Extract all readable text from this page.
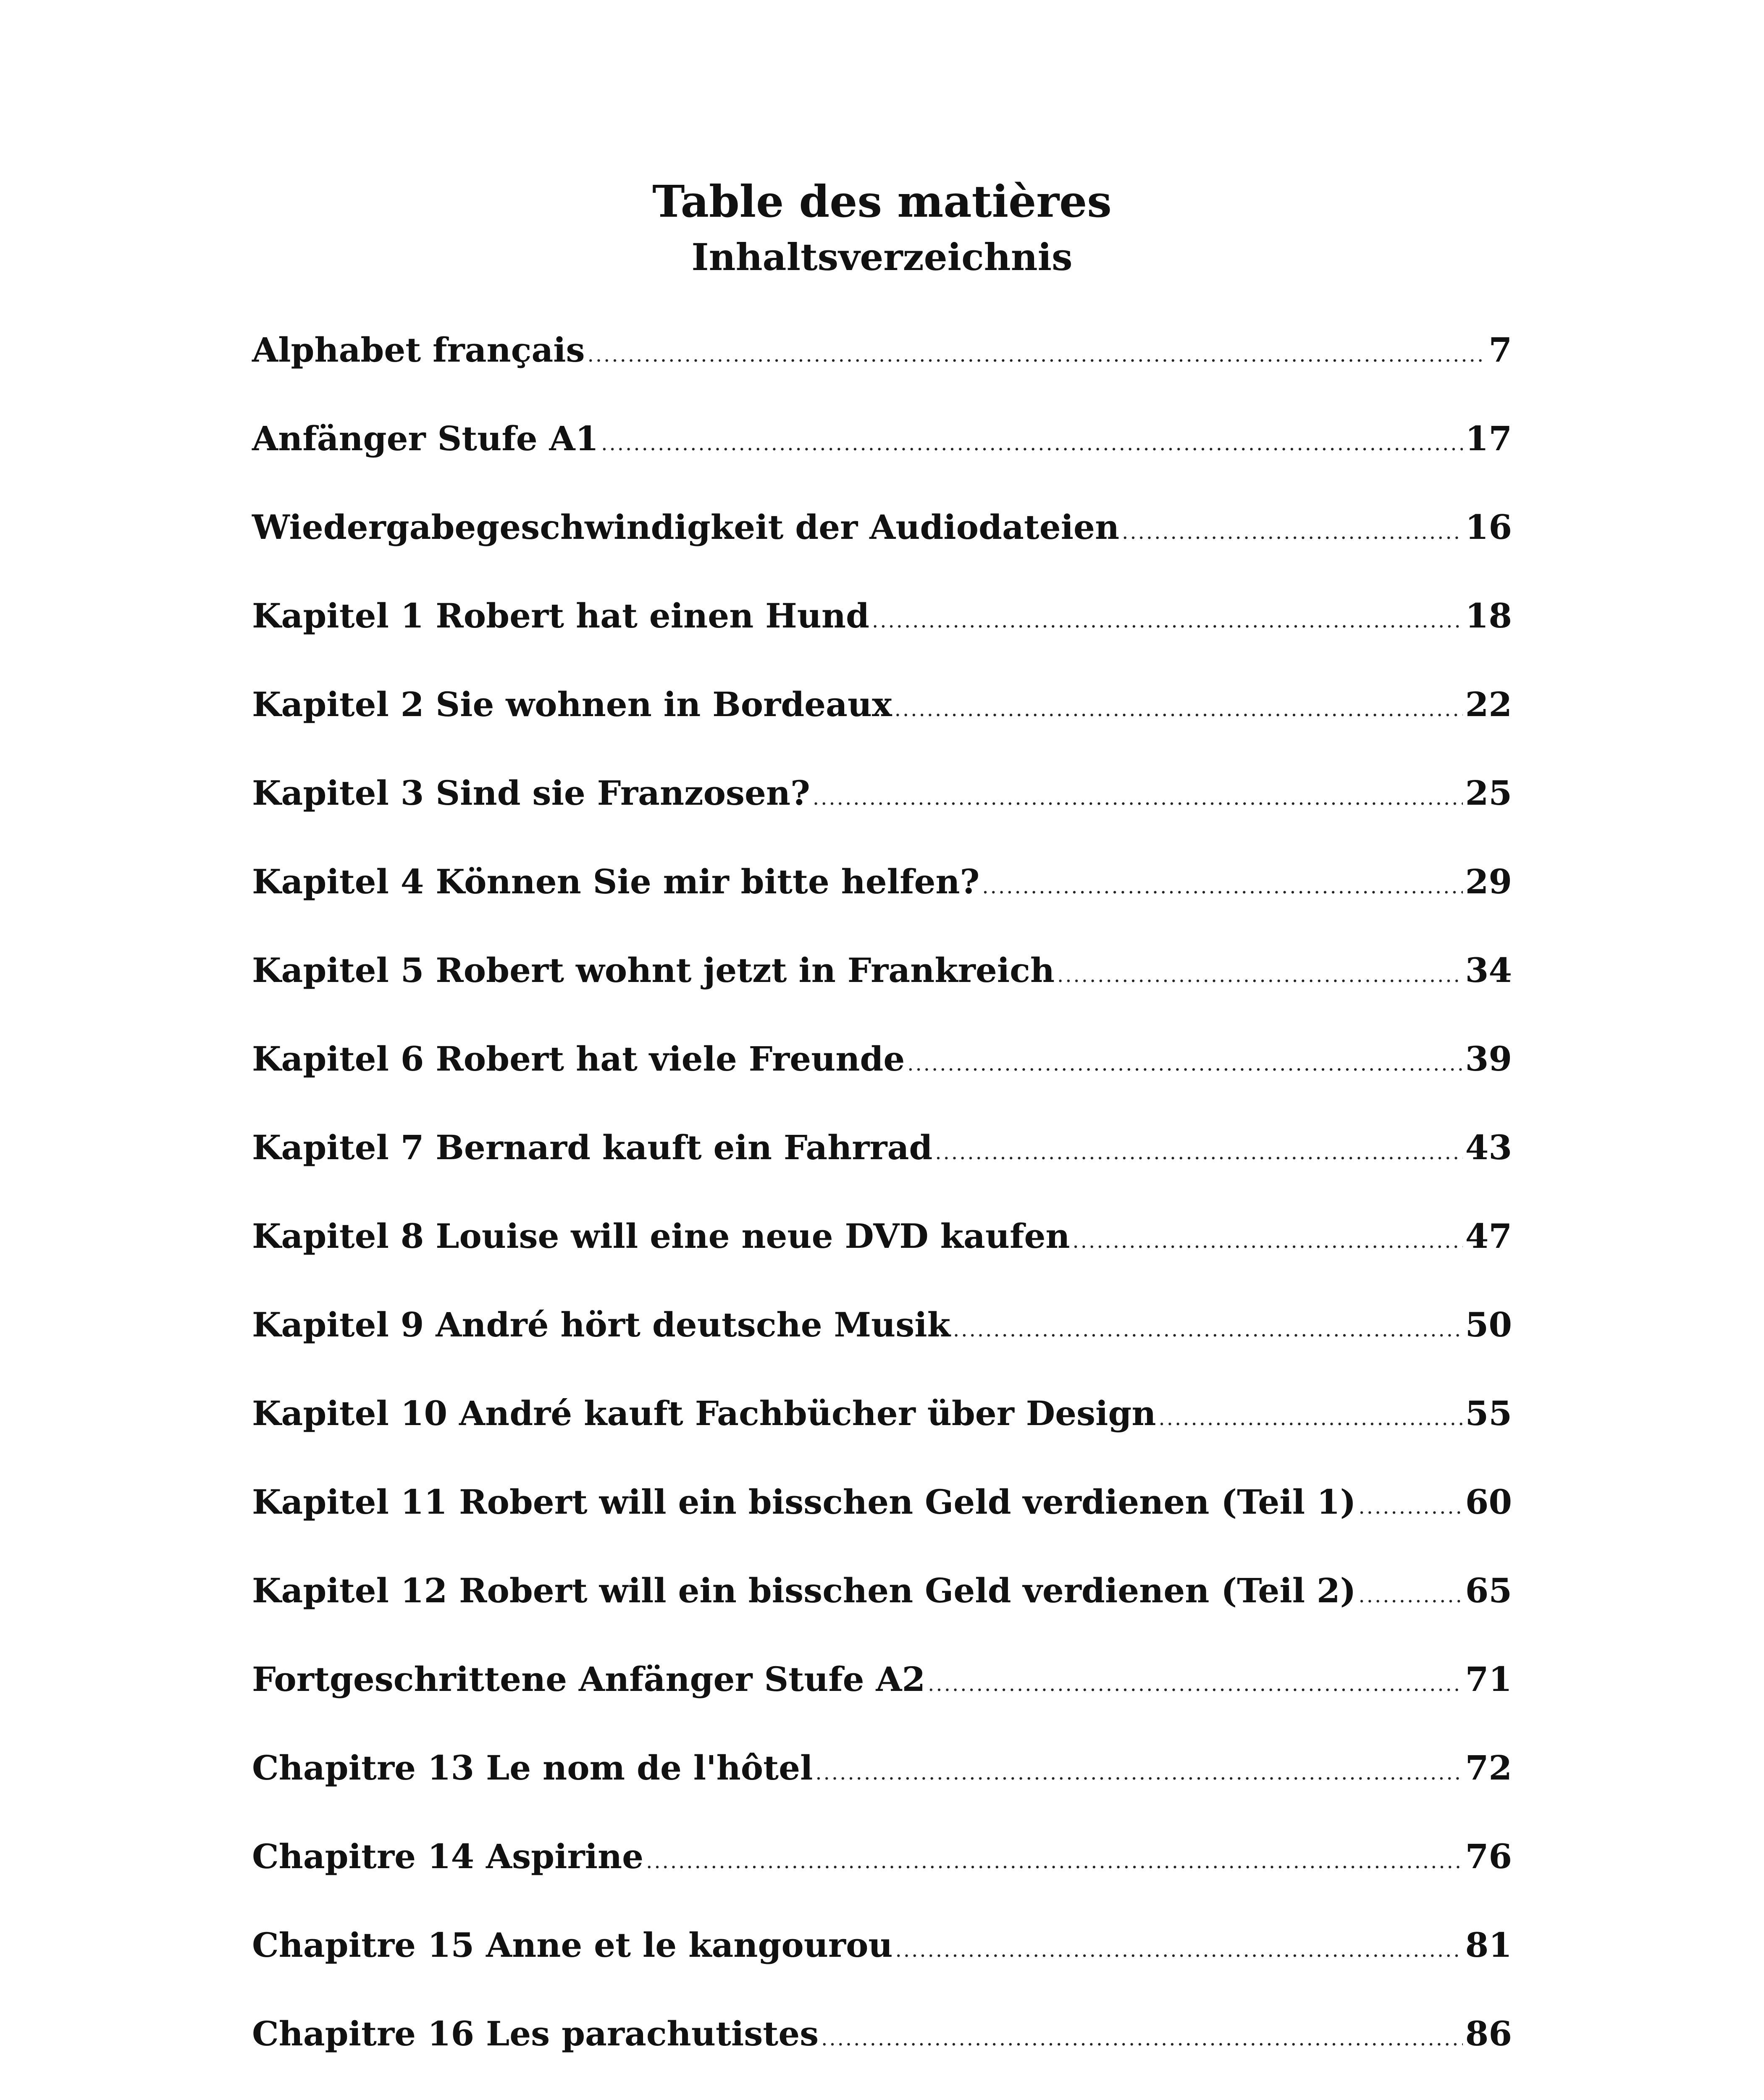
Table des matières
Inhaltsverzeichnis
Alphabet français .....	7
Anfänger Stufe A1 .....	17
Wiedergabegeschwindigkeit der Audiodateien .....	16
Kapitel 1 Robert hat einen Hund .....	18
Kapitel 2 Sie wohnen in Bordeaux .....	22
Kapitel 3 Sind sie Franzosen? .....	25
Kapitel 4 Können Sie mir bitte helfen? .....	29
Kapitel 5 Robert wohnt jetzt in Frankreich .....	34
Kapitel 6 Robert hat viele Freunde .....	39
Kapitel 7 Bernard kauft ein Fahrrad .....	43
Kapitel 8 Louise will eine neue DVD kaufen .....	47
Kapitel 9 André hört deutsche Musik .....	50
Kapitel 10 André kauft Fachbücher über Design .....	55
Kapitel 11 Robert will ein bisschen Geld verdienen (Teil 1) .....	60
Kapitel 12 Robert will ein bisschen Geld verdienen (Teil 2) .....	65
Fortgeschrittene Anfänger Stufe A2 .....	71
Chapitre 13 Le nom de l'hôtel .....	72
Chapitre 14 Aspirine .....	76
Chapitre 15 Anne et le kangourou .....	81
Chapitre 16 Les parachutistes .....	86
